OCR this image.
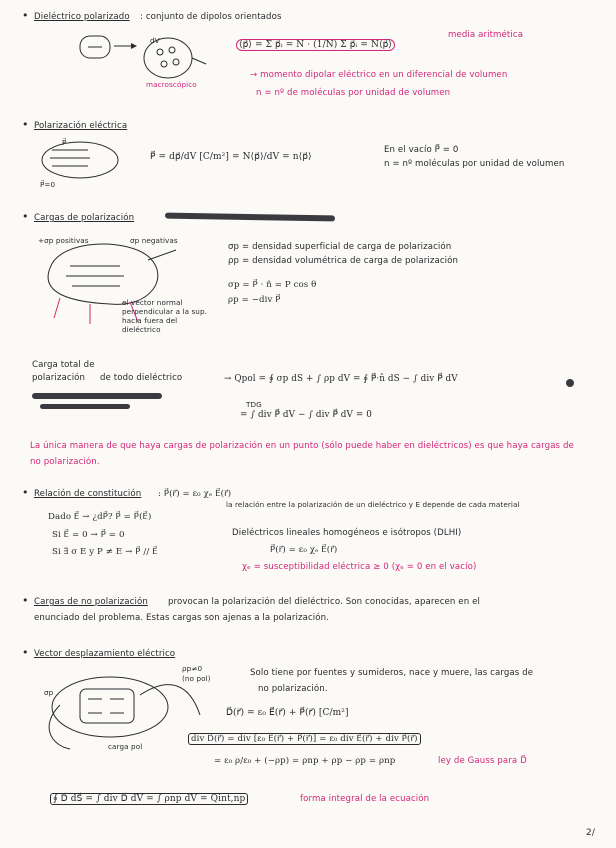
• Dieléctrico polarizado : conjunto de dipolos orientados
dV
macroscópico
⟨p⃗⟩ = Σ p⃗ᵢ = N · (1/N) Σ p⃗ᵢ = N⟨p⃗⟩
media aritmética
→ momento dipolar eléctrico en un diferencial de volumen
n = nº de moléculas por unidad de volumen
• Polarización eléctrica
P⃗
P⃗=0
P⃗ = dp⃗/dV [C/m²] = N⟨p⃗⟩/dV = n⟨p⃗⟩
En el vacío P⃗ = 0
n = nº moléculas por unidad de volumen
• Cargas de polarización
+σp positivas	σp negativas
el vector normal perpendicular a la sup. hacia fuera del dieléctrico
σp = densidad superficial de carga de polarización
ρp = densidad volumétrica de carga de polarización
σp = P⃗ · n̂ = P cos θ
ρp = −div P⃗
Carga total de
polarización de todo dieléctrico	→ Qpol = ∮ σp dS + ∫ ρp dV = ∮ P⃗·n̂ dS − ∫ div P⃗ dV
TDG
= ∫ div P⃗ dV − ∫ div P⃗ dV = 0
La única manera de que haya cargas de polarización en un punto (sólo puede haber en dieléctricos) es que haya cargas de no polarización.
• Relación de constitución : P⃗(r⃗) = ε₀ χₑ E⃗(r⃗)
la relación entre la polarización de un dieléctrico y E depende de cada material
Dado E⃗ → ¿dP⃗? P⃗ = P⃗(E⃗)
Si E⃗ = 0 → P⃗ = 0
Si ∃ σ E y P ≠ E → P⃗ // E⃗
Dieléctricos lineales homogéneos e isótropos (DLHI)
P⃗(r⃗) = ε₀ χₑ E⃗(r⃗)
χₑ = susceptibilidad eléctrica ≥ 0 (χₑ = 0 en el vacío)
• Cargas de no polarización provocan la polarización del dieléctrico. Son conocidas, aparecen en el
enunciado del problema. Estas cargas son ajenas a la polarización.
• Vector desplazamiento eléctrico
ρp≠0
(no pol)
σp
carga pol
Solo tiene por fuentes y sumideros, nace y muere, las cargas de
no polarización.
D⃗(r⃗) = ε₀ E⃗(r⃗) + P⃗(r⃗) [C/m²]
div D⃗(r⃗) = div [ε₀ E⃗(r⃗) + P⃗(r⃗)] = ε₀ div E⃗(r⃗) + div P⃗(r⃗)
= ε₀ ρ/ε₀ + (−ρp) = ρnp + ρp − ρp = ρnp	ley de Gauss para D⃗
∮ D⃗ dS⃗ = ∫ div D⃗ dV = ∫ ρnp dV = Qint,np	forma integral de la ecuación
2/
